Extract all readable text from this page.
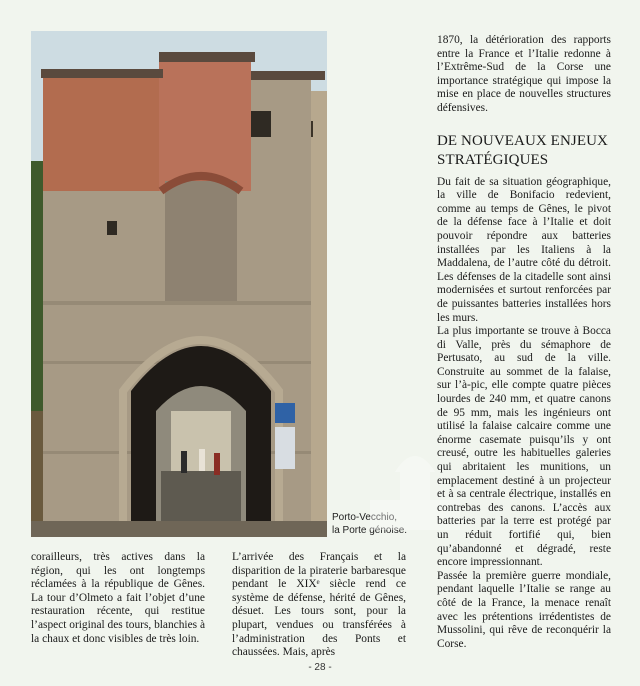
Porto-Vecchio,
la Porte génoise.

1870, la détérioration des rapports entre la France et l’Italie redonne à l’Extrême-Sud de la Corse une importance stratégique qui impose la mise en place de nouvelles structures défensives.

DE NOUVEAUX ENJEUX
STRATÉGIQUES

Du fait de sa situation géographique, la ville de Bonifacio redevient, comme au temps de Gênes, le pivot de la défense face à l’Italie et doit pouvoir répondre aux batteries installées par les Italiens à la Maddalena, de l’autre côté du détroit. Les défenses de la citadelle sont ainsi modernisées et surtout renforcées par de puissantes batteries installées hors les murs.

La plus importante se trouve à Bocca di Valle, près du sémaphore de Pertusato, au sud de la ville. Construite au sommet de la falaise, sur l’à-pic, elle compte quatre pièces lourdes de 240 mm, et quatre canons de 95 mm, mais les ingénieurs ont utilisé la falaise calcaire comme une énorme casemate puisqu’ils y ont creusé, outre les habituelles galeries qui abritaient les munitions, un emplacement destiné à un projecteur et à sa centrale électrique, installés en contrebas des canons. L’accès aux batteries par la terre est protégé par un réduit fortifié qui, bien qu’abandonné et dégradé, reste encore impressionnant.

Passée la première guerre mondiale, pendant laquelle l’Italie se range au côté de la France, la menace renaît avec les prétentions irrédentistes de Mussolini, qui rêve de reconquérir la Corse.

corailleurs, très actives dans la région, qui les ont longtemps réclamées à la république de Gênes. La tour d’Olmeto a fait l’objet d’une restauration récente, qui restitue l’aspect original des tours, blanchies à la chaux et donc visibles de très loin.

L’arrivée des Français et la disparition de la piraterie barbaresque pendant le XIXᵉ siècle rend ce système de défense, hérité de Gênes, désuet. Les tours sont, pour la plupart, vendues ou transférées à l’administration des Ponts et chaussées. Mais, après

- 28 -
